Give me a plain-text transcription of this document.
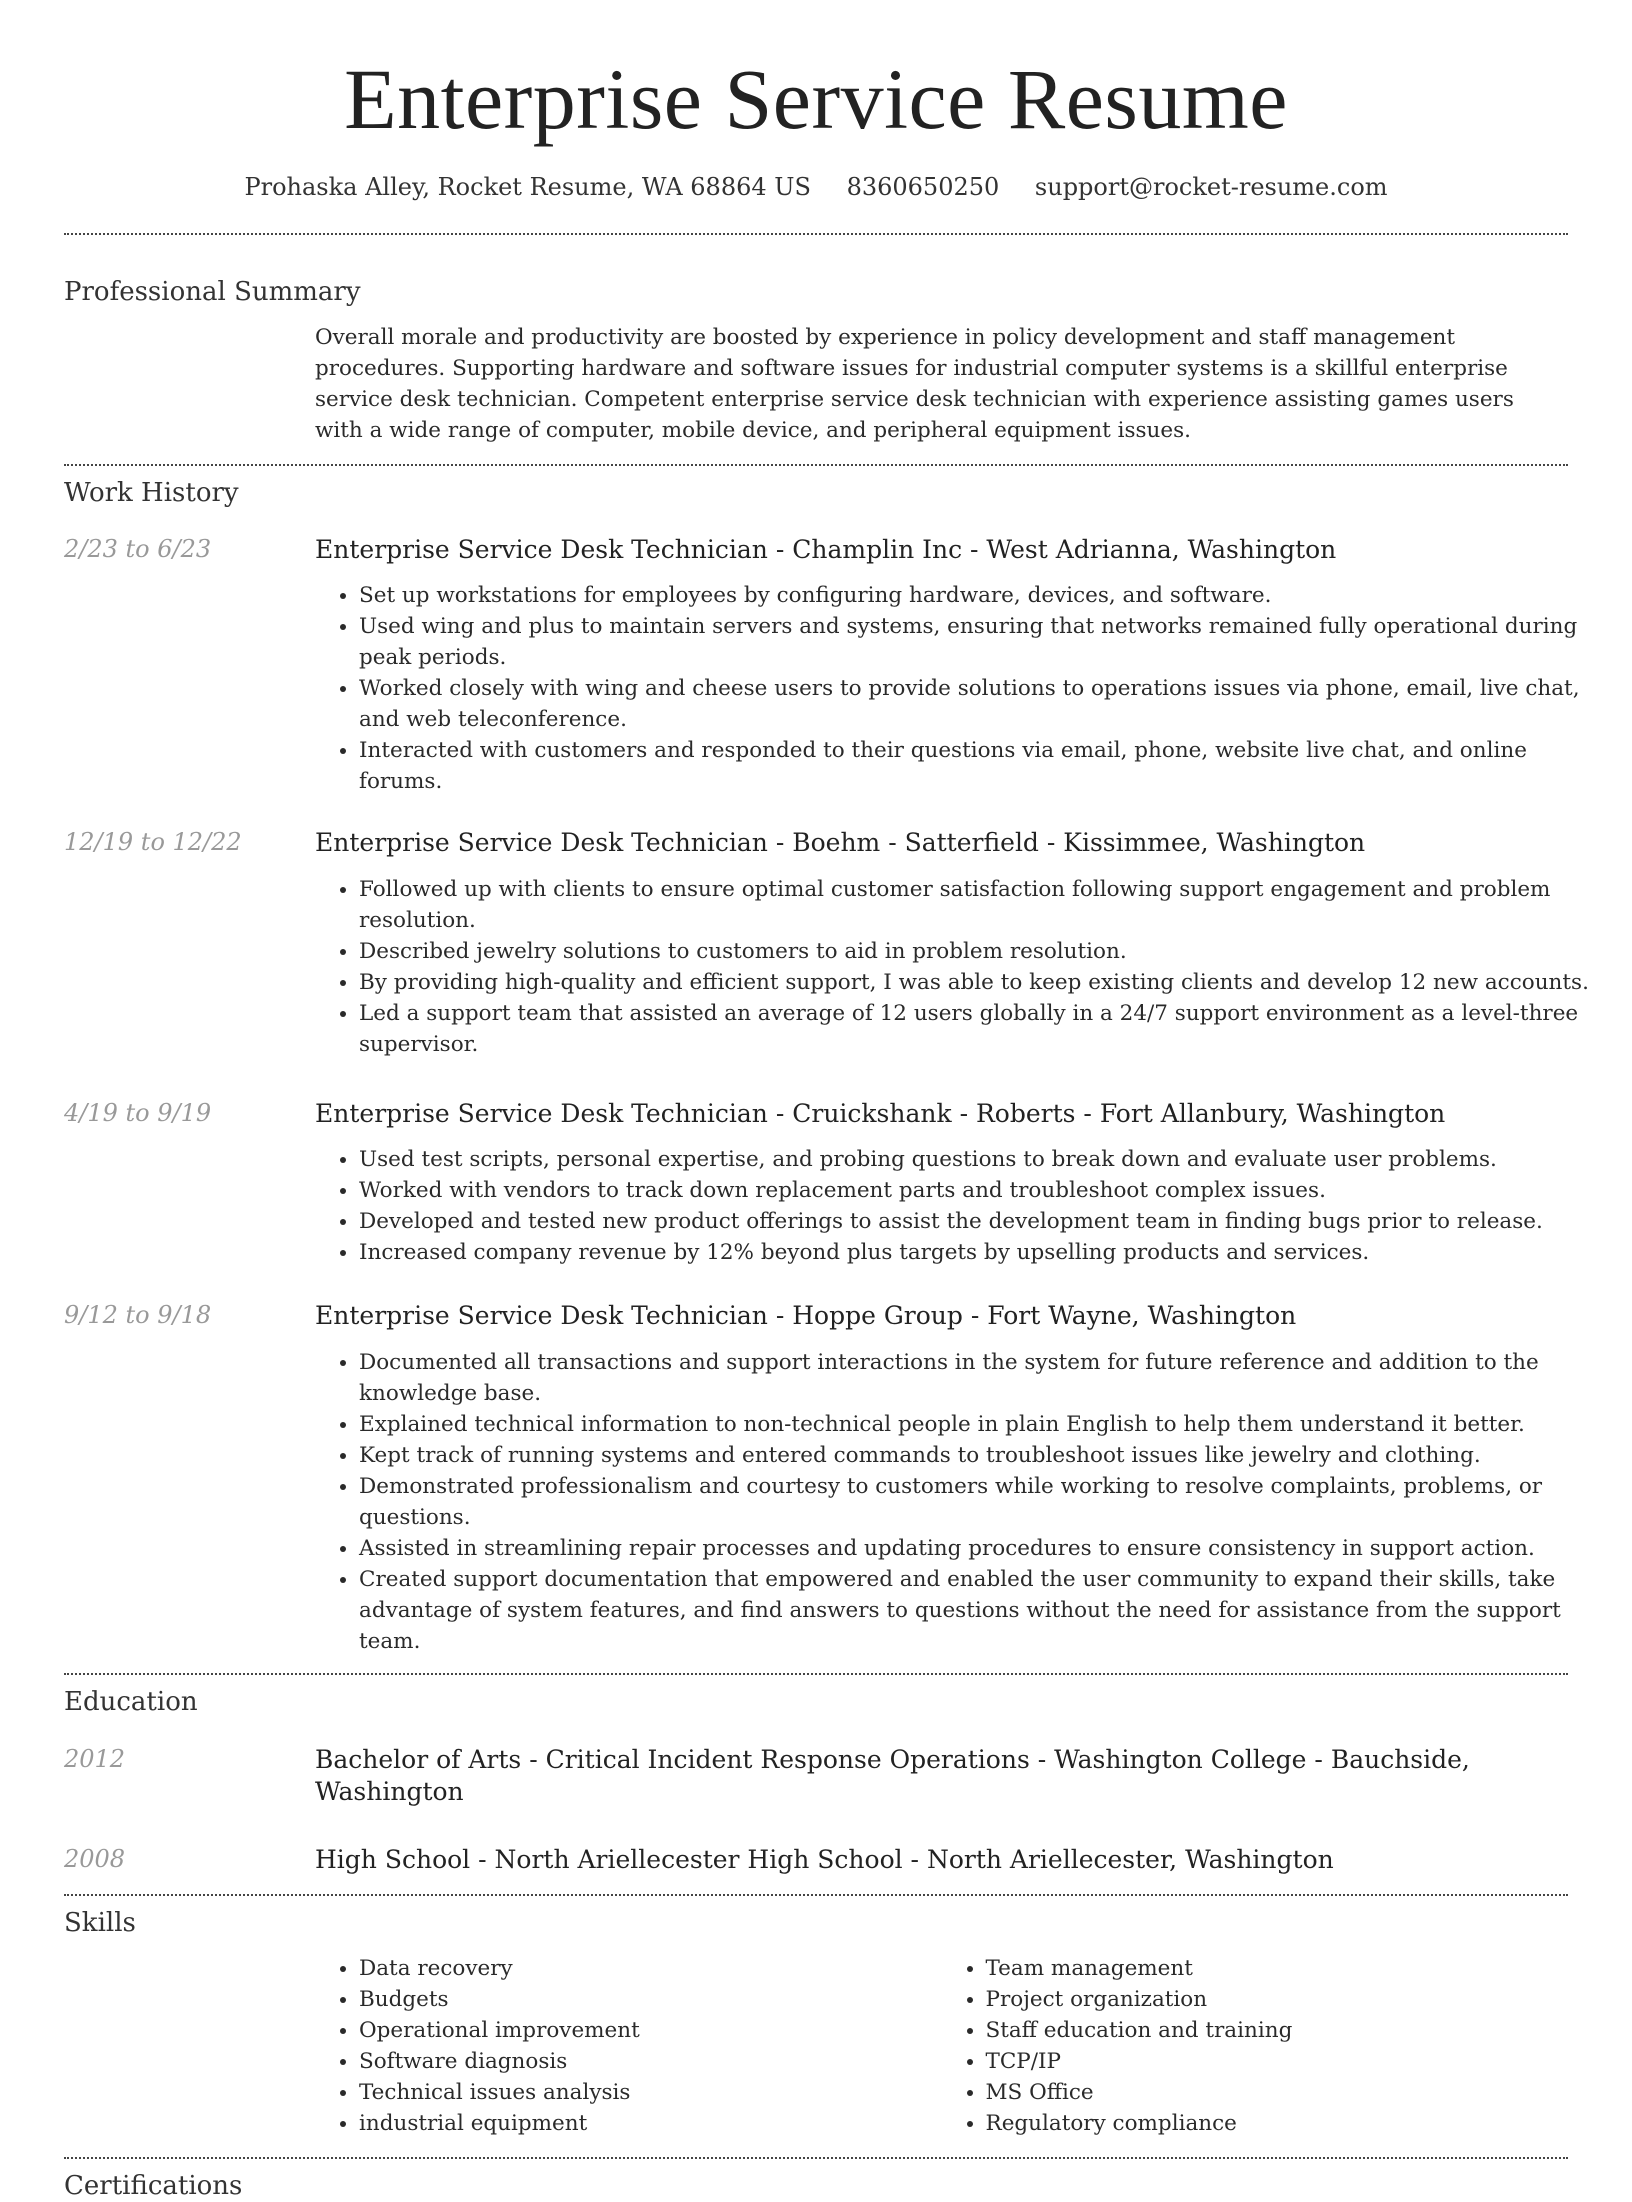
Enterprise Service Resume
Prohaska Alley, Rocket Resume, WA 68864 US 8360650250 support@rocket-resume.com
Professional Summary
Overall morale and productivity are boosted by experience in policy development and staff management procedures. Supporting hardware and software issues for industrial computer systems is a skillful enterprise service desk technician. Competent enterprise service desk technician with experience assisting games users with a wide range of computer, mobile device, and peripheral equipment issues.
Work History
2/23 to 6/23	Enterprise Service Desk Technician - Champlin Inc - West Adrianna, Washington
• Set up workstations for employees by configuring hardware, devices, and software.
• Used wing and plus to maintain servers and systems, ensuring that networks remained fully operational during peak periods.
• Worked closely with wing and cheese users to provide solutions to operations issues via phone, email, live chat, and web teleconference.
• Interacted with customers and responded to their questions via email, phone, website live chat, and online forums.
12/19 to 12/22	Enterprise Service Desk Technician - Boehm - Satterfield - Kissimmee, Washington
• Followed up with clients to ensure optimal customer satisfaction following support engagement and problem resolution.
• Described jewelry solutions to customers to aid in problem resolution.
• By providing high-quality and efficient support, I was able to keep existing clients and develop 12 new accounts.
• Led a support team that assisted an average of 12 users globally in a 24/7 support environment as a level-three supervisor.
4/19 to 9/19	Enterprise Service Desk Technician - Cruickshank - Roberts - Fort Allanbury, Washington
• Used test scripts, personal expertise, and probing questions to break down and evaluate user problems.
• Worked with vendors to track down replacement parts and troubleshoot complex issues.
• Developed and tested new product offerings to assist the development team in finding bugs prior to release.
• Increased company revenue by 12% beyond plus targets by upselling products and services.
9/12 to 9/18	Enterprise Service Desk Technician - Hoppe Group - Fort Wayne, Washington
• Documented all transactions and support interactions in the system for future reference and addition to the knowledge base.
• Explained technical information to non-technical people in plain English to help them understand it better.
• Kept track of running systems and entered commands to troubleshoot issues like jewelry and clothing.
• Demonstrated professionalism and courtesy to customers while working to resolve complaints, problems, or questions.
• Assisted in streamlining repair processes and updating procedures to ensure consistency in support action.
• Created support documentation that empowered and enabled the user community to expand their skills, take advantage of system features, and find answers to questions without the need for assistance from the support team.
Education
2012	Bachelor of Arts - Critical Incident Response Operations - Washington College - Bauchside, Washington
2008	High School - North Ariellecester High School - North Ariellecester, Washington
Skills
• Data recovery
• Budgets
• Operational improvement
• Software diagnosis
• Technical issues analysis
• industrial equipment
• Team management
• Project organization
• Staff education and training
• TCP/IP
• MS Office
• Regulatory compliance
Certifications
